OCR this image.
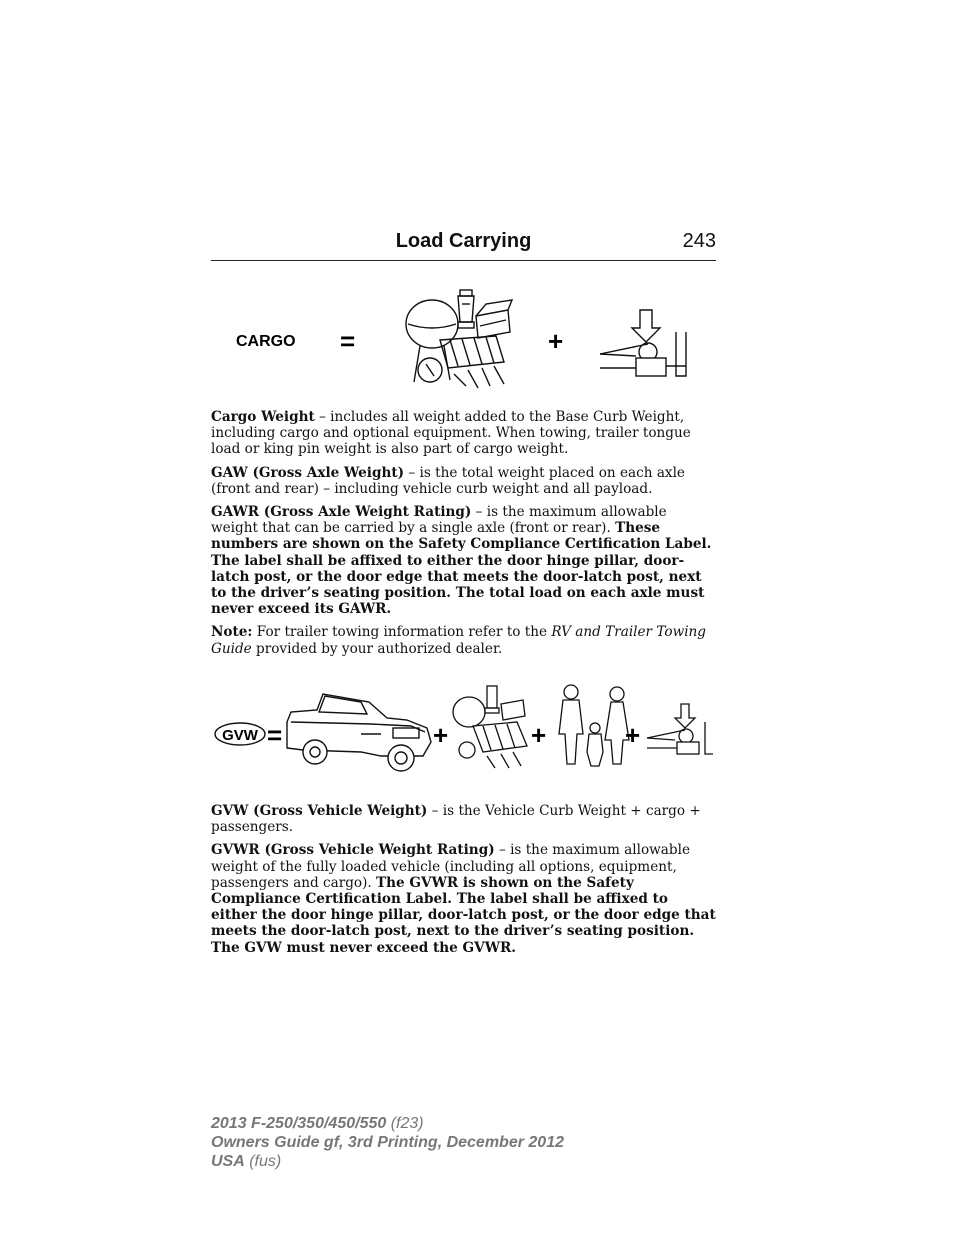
Load Carrying	243
CARGO =	+

Cargo Weight – includes all weight added to the Base Curb Weight, including cargo and optional equipment. When towing, trailer tongue load or king pin weight is also part of cargo weight.

GAW (Gross Axle Weight) – is the total weight placed on each axle (front and rear) – including vehicle curb weight and all payload.

GAWR (Gross Axle Weight Rating) – is the maximum allowable weight that can be carried by a single axle (front or rear). These numbers are shown on the Safety Compliance Certification Label. The label shall be affixed to either the door hinge pillar, door-latch post, or the door edge that meets the door-latch post, next to the driver’s seating position. The total load on each axle must never exceed its GAWR.

Note: For trailer towing information refer to the RV and Trailer Towing Guide provided by your authorized dealer.

GVW =	+	+	+

GVW (Gross Vehicle Weight) – is the Vehicle Curb Weight + cargo + passengers.

GVWR (Gross Vehicle Weight Rating) – is the maximum allowable weight of the fully loaded vehicle (including all options, equipment, passengers and cargo). The GVWR is shown on the Safety Compliance Certification Label. The label shall be affixed to either the door hinge pillar, door-latch post, or the door edge that meets the door-latch post, next to the driver’s seating position. The GVW must never exceed the GVWR.

2013 F-250/350/450/550 (f23)
Owners Guide gf, 3rd Printing, December 2012
USA (fus)
